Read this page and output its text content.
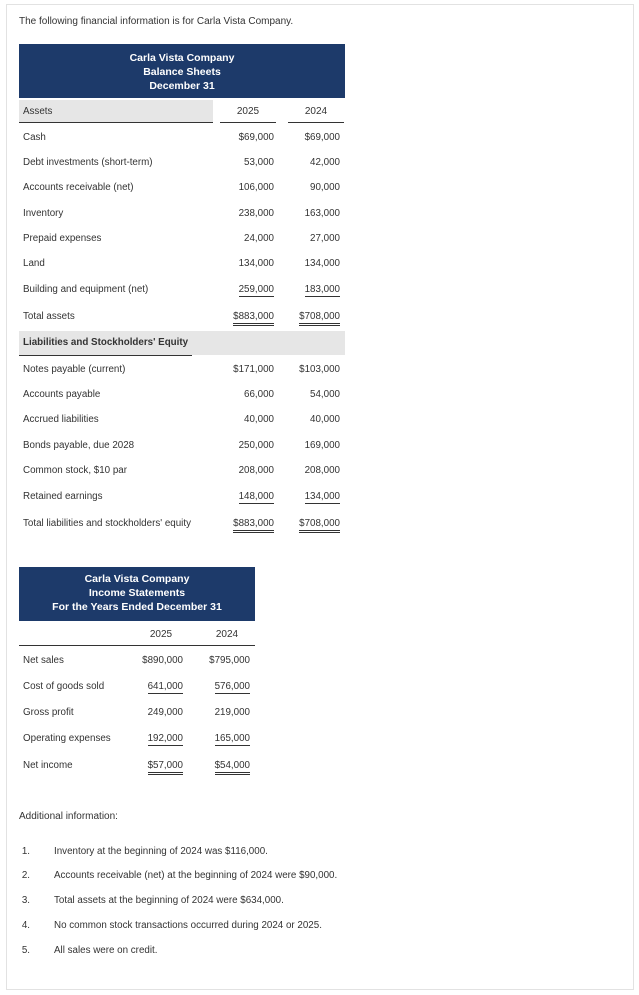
The following financial information is for Carla Vista Company.
Carla Vista Company
Balance Sheets
December 31
Assets	2025	2024
Cash	$69,000	$69,000
Debt investments (short-term)	53,000	42,000
Accounts receivable (net)	106,000	90,000
Inventory	238,000	163,000
Prepaid expenses	24,000	27,000
Land	134,000	134,000
Building and equipment (net)	259,000	183,000
Total assets	$883,000	$708,000
Liabilities and Stockholders' Equity
Notes payable (current)	$171,000	$103,000
Accounts payable	66,000	54,000
Accrued liabilities	40,000	40,000
Bonds payable, due 2028	250,000	169,000
Common stock, $10 par	208,000	208,000
Retained earnings	148,000	134,000
Total liabilities and stockholders' equity	$883,000	$708,000
Carla Vista Company
Income Statements
For the Years Ended December 31
2025	2024
Net sales	$890,000	$795,000
Cost of goods sold	641,000	576,000
Gross profit	249,000	219,000
Operating expenses	192,000	165,000
Net income	$57,000	$54,000
Additional information:
1. Inventory at the beginning of 2024 was $116,000.
2. Accounts receivable (net) at the beginning of 2024 were $90,000.
3. Total assets at the beginning of 2024 were $634,000.
4. No common stock transactions occurred during 2024 or 2025.
5. All sales were on credit.
